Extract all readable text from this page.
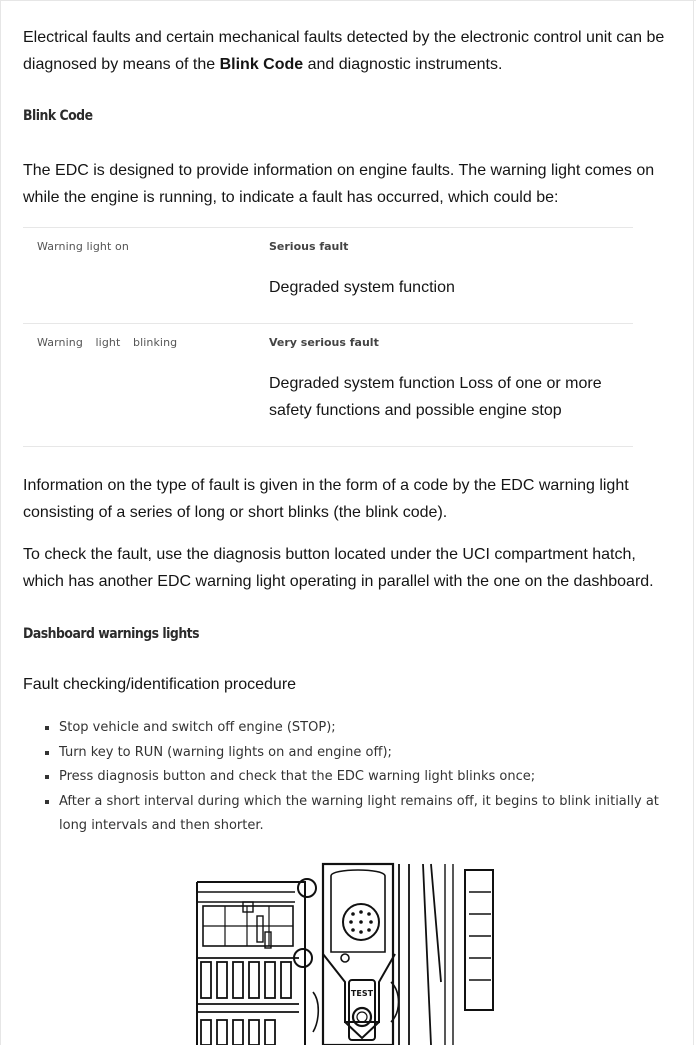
Electrical faults and certain mechanical faults detected by the electronic control unit can be diagnosed by means of the Blink Code and diagnostic instruments.

Blink Code

The EDC is designed to provide information on engine faults. The warning light comes on while the engine is running, to indicate a fault has occurred, which could be:

Warning light on	Serious fault
Degraded system function
Warning light blinking	Very serious fault
Degraded system function Loss of one or more safety functions and possible engine stop

Information on the type of fault is given in the form of a code by the EDC warning light consisting of a series of long or short blinks (the blink code).

To check the fault, use the diagnosis button located under the UCI compartment hatch, which has another EDC warning light operating in parallel with the one on the dashboard.

Dashboard warnings lights
Fault checking/identification procedure
Stop vehicle and switch off engine (STOP);
Turn key to RUN (warning lights on and engine off);
Press diagnosis button and check that the EDC warning light blinks once;
After a short interval during which the warning light remains off, it begins to blink initially at long intervals and then shorter.
TEST
